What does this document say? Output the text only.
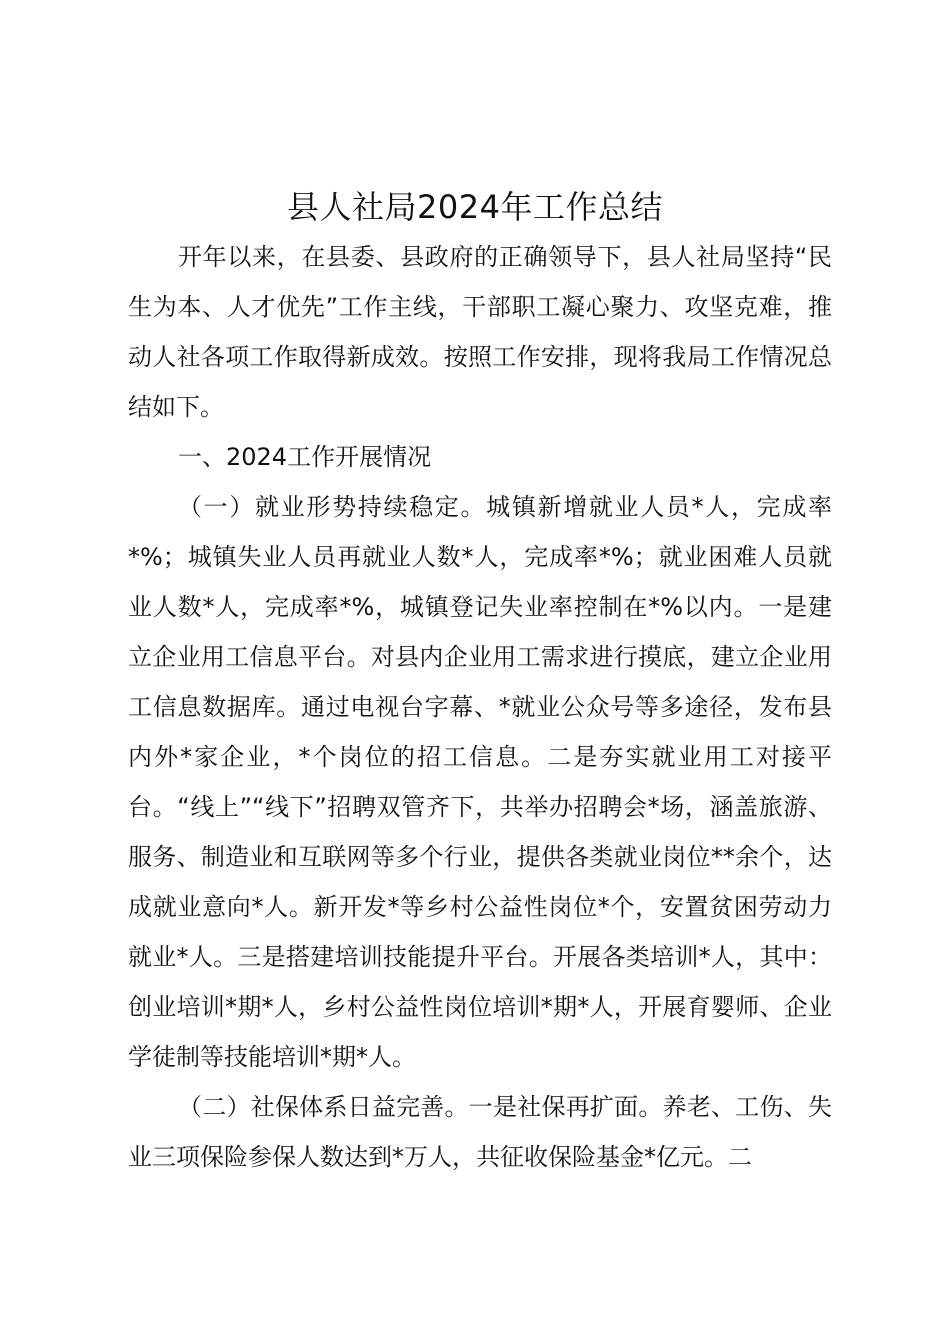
县人社局2024年工作总结

开年以来，在县委、县政府的正确领导下，县人社局坚持“民生为本、人才优先”工作主线，干部职工凝心聚力、攻坚克难，推动人社各项工作取得新成效。按照工作安排，现将我局工作情况总结如下。

一、2024工作开展情况

（一）就业形势持续稳定。城镇新增就业人员*人，完成率*%；城镇失业人员再就业人数*人，完成率*%；就业困难人员就业人数*人，完成率*%，城镇登记失业率控制在*%以内。一是建立企业用工信息平台。对县内企业用工需求进行摸底，建立企业用工信息数据库。通过电视台字幕、*就业公众号等多途径，发布县内外*家企业，*个岗位的招工信息。二是夯实就业用工对接平台。“线上”“线下”招聘双管齐下，共举办招聘会*场，涵盖旅游、服务、制造业和互联网等多个行业，提供各类就业岗位**余个，达成就业意向*人。新开发*等乡村公益性岗位*个，安置贫困劳动力就业*人。三是搭建培训技能提升平台。开展各类培训*人，其中：创业培训*期*人，乡村公益性岗位培训*期*人，开展育婴师、企业学徒制等技能培训*期*人。

（二）社保体系日益完善。一是社保再扩面。养老、工伤、失业三项保险参保人数达到*万人，共征收保险基金*亿元。二
